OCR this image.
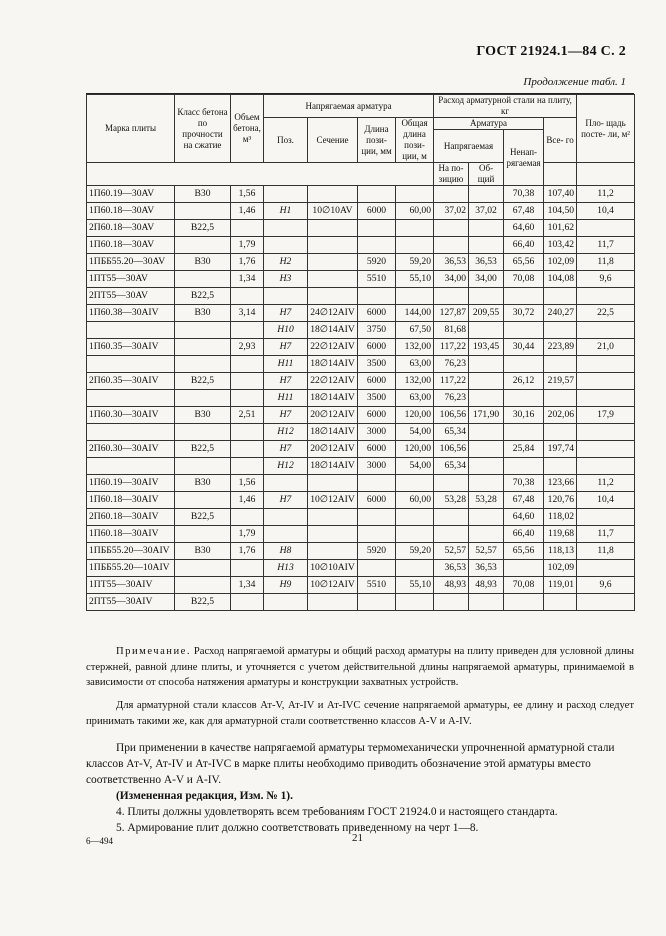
ГОСТ 21924.1—84 С. 2
Продолжение табл. 1
Марка плиты	Класс бетона по прочности на сжатие	Объем бетона, м³	Напрягаемая арматура				Расход арматурной стали на плиту, кг				Пло- щадь посте- ли, м²
			Поз.	Сечение	Длина пози- ции, мм	Общая длина пози- ции, м	Арматура			Все- го	
							Напрягаемая		Ненап- рягаемая		
							На по- зицию	Об- щий			
1П60.19—30AV	B30	1,56							70,38	107,40	11,2
1П60.18—30AV		1,46	H1	10∅10AV	6000	60,00	37,02	37,02	67,48	104,50	10,4
2П60.18—30AV	B22,5								64,60	101,62	
1П60.18—30AV		1,79							66,40	103,42	11,7
1ПББ55.20—30AV	B30	1,76	H2		5920	59,20	36,53	36,53	65,56	102,09	11,8
1ПТ55—30AV		1,34	H3		5510	55,10	34,00	34,00	70,08	104,08	9,6
2ПТ55—30AV	B22,5										
1П60.38—30AIV	B30	3,14	H7	24∅12AIV	6000	144,00	127,87	209,55	30,72	240,27	22,5
			H10	18∅14AIV	3750	67,50	81,68				
1П60.35—30AIV		2,93	H7	22∅12AIV	6000	132,00	117,22	193,45	30,44	223,89	21,0
			H11	18∅14AIV	3500	63,00	76,23				
2П60.35—30AIV	B22,5		H7	22∅12AIV	6000	132,00	117,22		26,12	219,57	
			H11	18∅14AIV	3500	63,00	76,23				
1П60.30—30AIV	B30	2,51	H7	20∅12AIV	6000	120,00	106,56	171,90	30,16	202,06	17,9
			H12	18∅14AIV	3000	54,00	65,34				
2П60.30—30AIV	B22,5		H7	20∅12AIV	6000	120,00	106,56		25,84	197,74	
			H12	18∅14AIV	3000	54,00	65,34				
1П60.19—30AIV	B30	1,56							70,38	123,66	11,2
1П60.18—30AIV		1,46	H7	10∅12AIV	6000	60,00	53,28	53,28	67,48	120,76	10,4
2П60.18—30AIV	B22,5								64,60	118,02	
1П60.18—30AIV		1,79							66,40	119,68	11,7
1ПББ55.20—30AIV	B30	1,76	H8		5920	59,20	52,57	52,57	65,56	118,13	11,8
1ПББ55.20—10AIV			H13	10∅10AIV			36,53	36,53		102,09	
1ПТ55—30AIV		1,34	H9	10∅12AIV	5510	55,10	48,93	48,93	70,08	119,01	9,6
2ПТ55—30AIV	B22,5										
Примечание. Расход напрягаемой арматуры и общий расход арматуры на плиту приведен для условной длины стержней, равной длине плиты, и уточняется с учетом действительной длины напрягаемой арматуры, принимаемой в зависимости от способа натяжения арматуры и конструкции захватных устройств.
Для арматурной стали классов Ат-V, Ат-IV и Ат-IVC сечение напрягаемой арматуры, ее длину и расход следует принимать такими же, как для арматурной стали соответственно классов A-V и A-IV.
При применении в качестве напрягаемой арматуры термомеханически упрочненной арматурной стали классов Ат-V, Ат-IV и Ат-IVC в марке плиты необходимо приводить обозначение этой арматуры вместо соответственно A-V и A-IV.
(Измененная редакция, Изм. № 1).
4. Плиты должны удовлетворять всем требованиям ГОСТ 21924.0 и настоящего стандарта.
5. Армирование плит должно соответствовать приведенному на черт 1—8.
6—494	21
